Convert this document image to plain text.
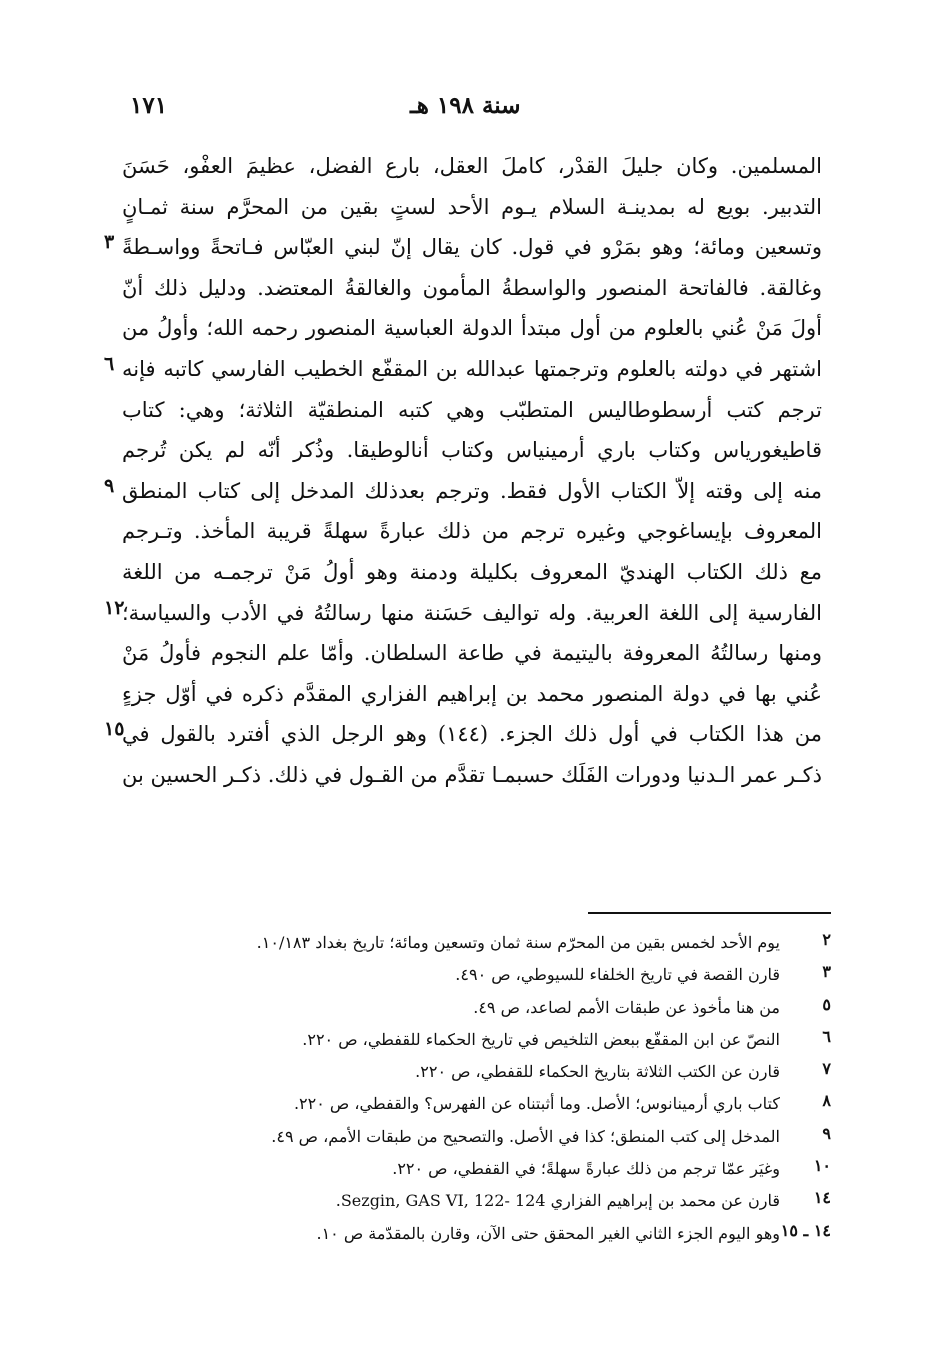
سنة ١٩٨ هـ
١٧١
المسلمين. وكان جليلَ القدْر، كاملَ العقل، بارع الفضل، عظيمَ العفْو، حَسَنَ
التدبير. بويع له بمدينـة السلام يـوم الأحد لستٍ بقين من المحرَّم سنة ثمـانٍ
وتسعين ومائة؛ وهو بمَرْو في قول. كان يقال إنّ لبني العبّاس فـاتحةً وواسـطةً
٣
وغالقة. فالفاتحة المنصور والواسطةُ المأمون والغالقةُ المعتضد. ودليل ذلك أنّ
أولَ مَنْ عُني بالعلوم من أول مبتدأ الدولة العباسية المنصور رحمه الله؛ وأولُ من
اشتهر في دولته بالعلوم وترجمتها عبدالله بن المقفّع الخطيب الفارسي كاتبه فإنه
٦
ترجم كتب أرسطوطاليس المتطبّب وهي كتبه المنطقيّة الثلاثة؛ وهي: كتاب
قاطيغورياس وكتاب باري أرمينياس وكتاب أنالوطيقا. وذُكر أنّه لم يكن تُرجم
منه إلى وقته إلاّ الكتاب الأول فقط. وترجم بعدذلك المدخل إلى كتاب المنطق
٩
المعروف بإيساغوجي وغيره ترجم من ذلك عبارةً سهلةً قريبة المأخذ. وتـرجم
مع ذلك الكتاب الهنديّ المعروف بكليلة ودمنة وهو أولُ مَنْ ترجمـه من اللغة
الفارسية إلى اللغة العربية. وله تواليف حَسَنة منها رسالتُهُ في الأدب والسياسة؛
١٢
ومنها رسالتُهُ المعروفة باليتيمة في طاعة السلطان. وأمّا علم النجوم فأولُ مَنْ
عُني بها في دولة المنصور محمد بن إبراهيم الفزاري المقدَّم ذكره في أوّل جزءٍ
من هذا الكتاب في أول ذلك الجزء. (١٤٤) وهو الرجل الذي أفترد بالقول في
١٥
ذكـر عمر الـدنيا ودورات الفَلَك حسبمـا تقدَّم من القـول في ذلك. ذكـر الحسين بن
٢
يوم الأحد لخمس بقين من المحرّم سنة ثمان وتسعين ومائة؛ تاريخ بغداد ١٠/١٨٣.
٣
قارن القصة في تاريخ الخلفاء للسيوطي، ص ٤٩٠.
٥
من هنا مأخوذ عن طبقات الأمم لصاعد، ص ٤٩.
٦
النصّ عن ابن المقفّع ببعض التلخيص في تاريخ الحكماء للقفطي، ص ٢٢٠.
٧
قارن عن الكتب الثلاثة بتاريخ الحكماء للقفطي، ص ٢٢٠.
٨
كتاب باري أرمينانوس؛ الأصل. وما أثبتناه عن الفهرس؟ والقفطي، ص ٢٢٠.
٩
المدخل إلى كتب المنطق؛ كذا في الأصل. والتصحيح من طبقات الأمم، ص ٤٩.
١٠
وغيَر عمّا ترجم من ذلك عبارةً سهلةً؛ في القفطي، ص ٢٢٠.
١٤
قارن عن محمد بن إبراهيم الفزاري 124 -122 ,Sezgin, GAS VI.
١٤ ـ ١٥
وهو اليوم الجزء الثاني الغير المحقق حتى الآن، وقارن بالمقدّمة ص ١٠.
